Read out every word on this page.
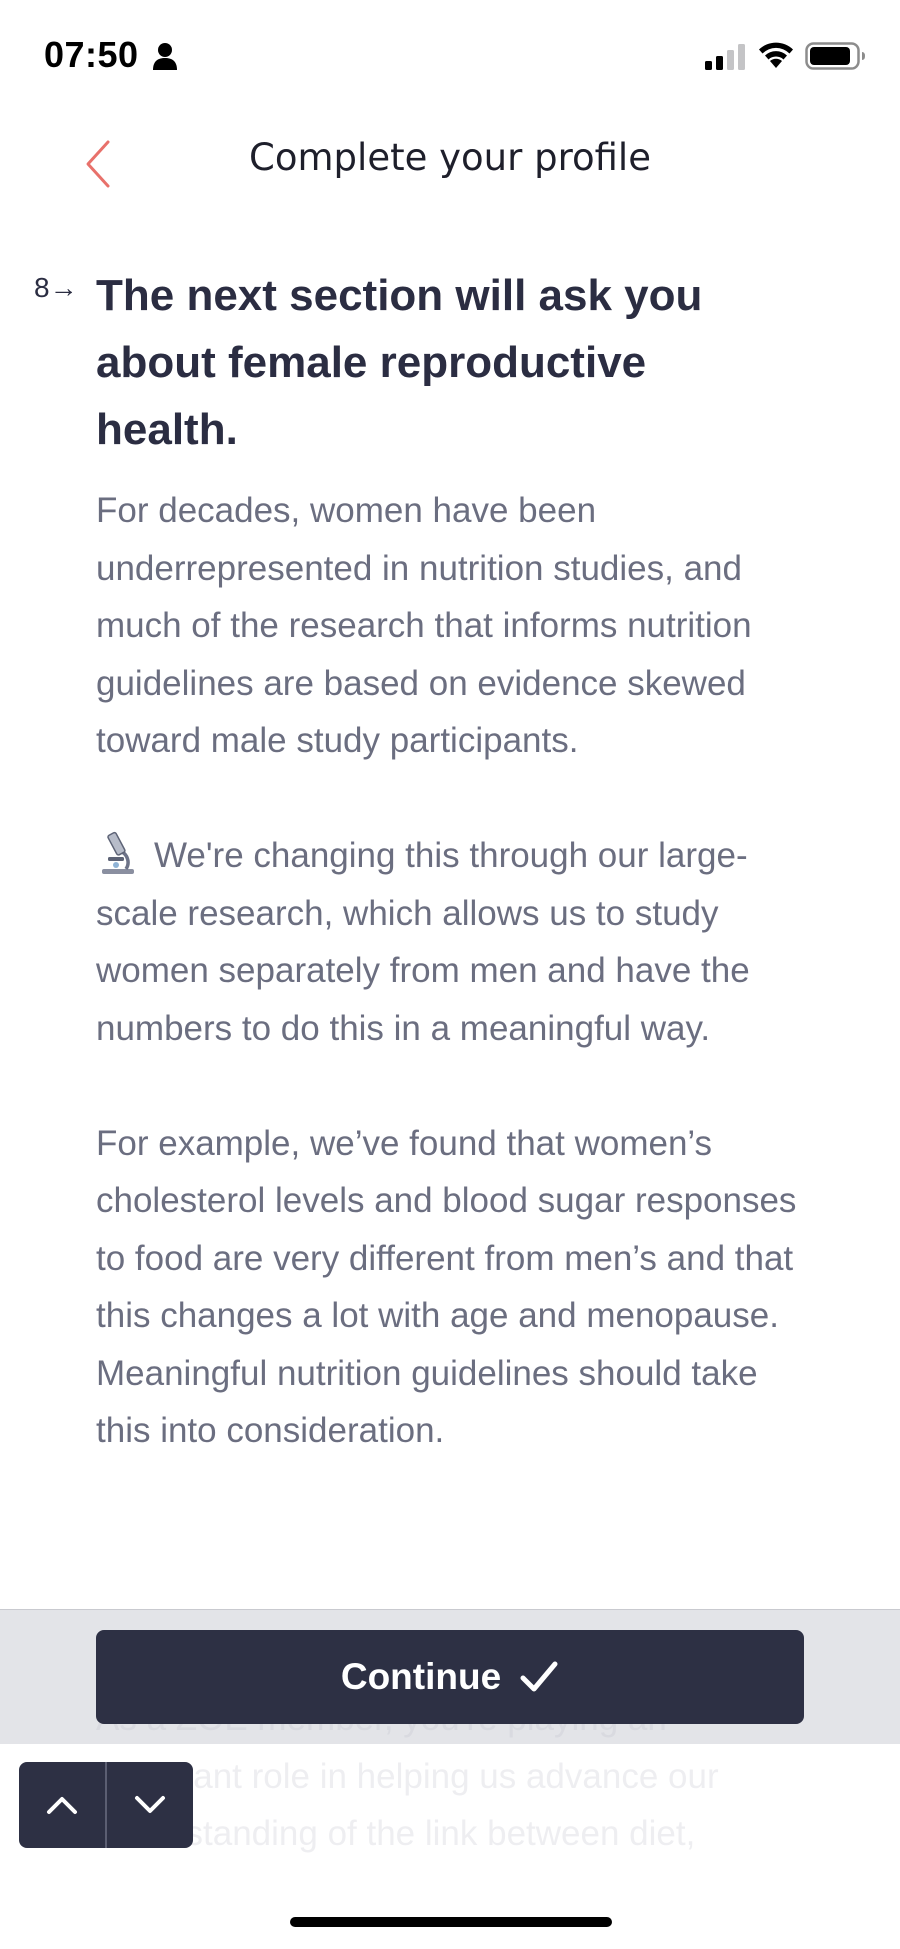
07:50
Complete your profile
8→ The next section will ask you about female reproductive health.

For decades, women have been underrepresented in nutrition studies, and much of the research that informs nutrition guidelines are based on evidence skewed toward male study participants.

We're changing this through our large-scale research, which allows us to study women separately from men and have the numbers to do this in a meaningful way.

For example, we’ve found that women’s cholesterol levels and blood sugar responses to food are very different from men’s and that this changes a lot with age and menopause. Meaningful nutrition guidelines should take this into consideration.

Continue
